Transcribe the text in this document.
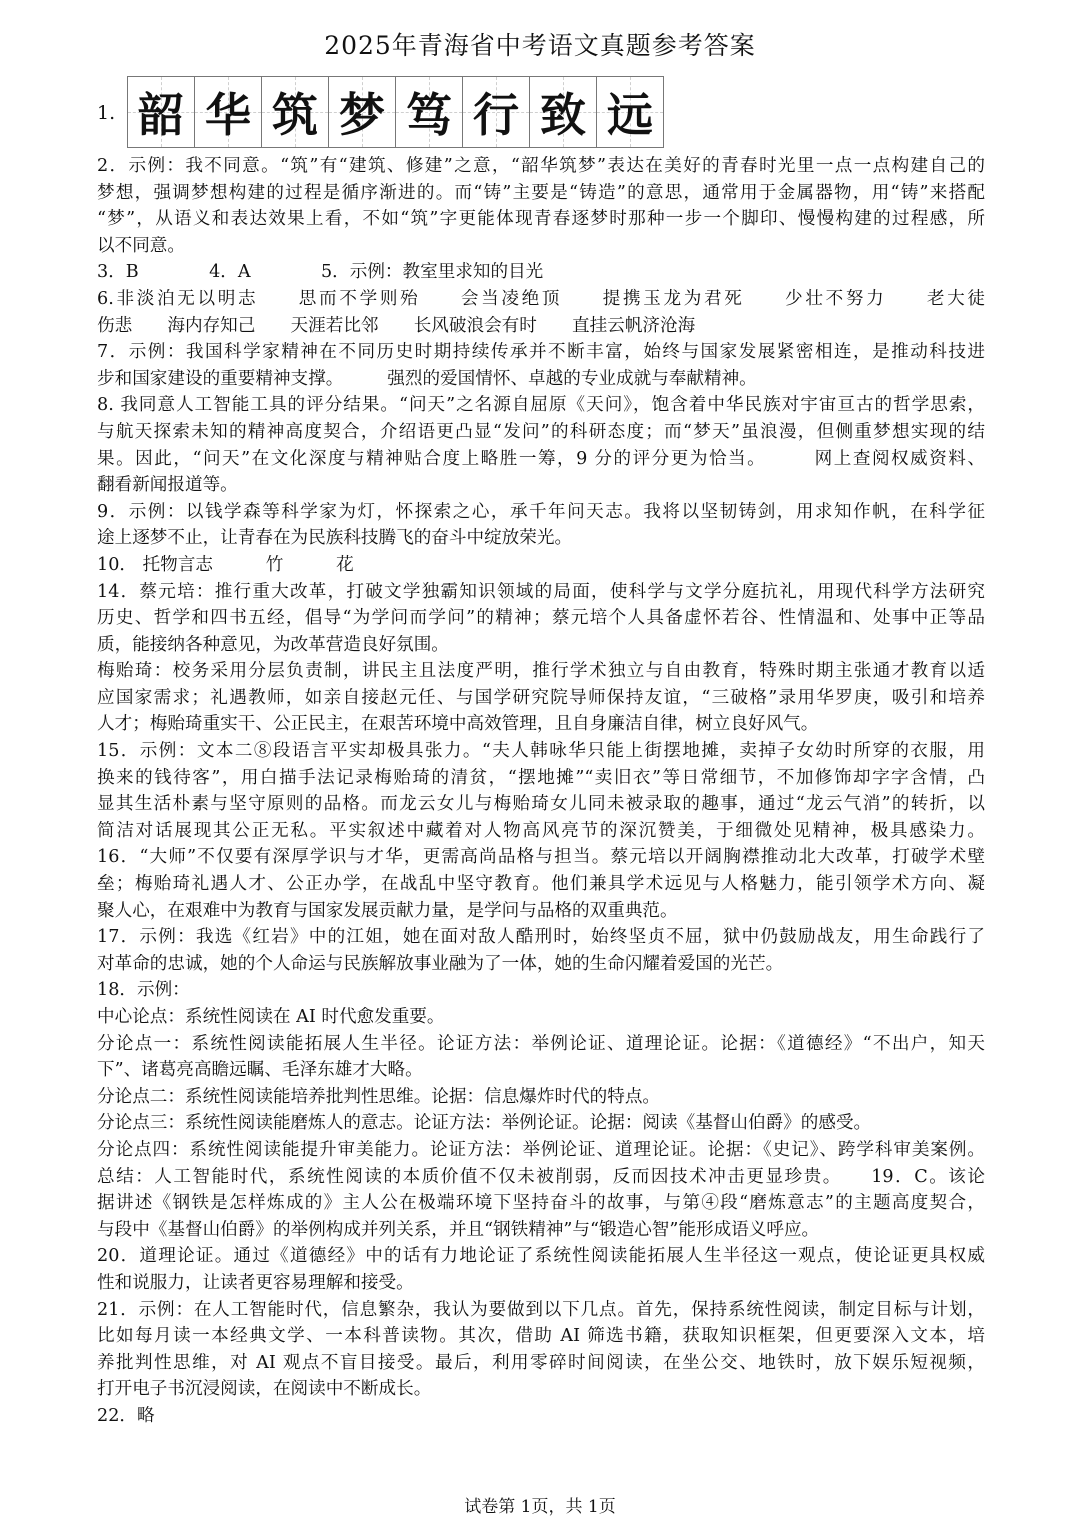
2025年青海省中考语文真题参考答案
1. 韶 华 筑 梦 笃 行 致 远
2．示例：我不同意。“筑”有“建筑、修建”之意，“韶华筑梦”表达在美好的青春时光里一点一点构建自己的
梦想，强调梦想构建的过程是循序渐进的。而“铸”主要是“铸造”的意思，通常用于金属器物，用“铸”来搭配
“梦”，从语义和表达效果上看，不如“筑”字更能体现青春逐梦时那种一步一个脚印、慢慢构建的过程感，所
以不同意。
3．B　　　　4．A　　　　5．示例：教室里求知的目光
6.非淡泊无以明志　　思而不学则殆　　会当凌绝顶　　提携玉龙为君死　　少壮不努力　　老大徒
伤悲　　海内存知己　　天涯若比邻　　长风破浪会有时　　直挂云帆济沧海
7．示例：我国科学家精神在不同历史时期持续传承并不断丰富，始终与国家发展紧密相连，是推动科技进
步和国家建设的重要精神支撑。　　　强烈的爱国情怀、卓越的专业成就与奉献精神。
8. 我同意人工智能工具的评分结果。“问天”之名源自屈原《天问》，饱含着中华民族对宇宙亘古的哲学思索，
与航天探索未知的精神高度契合，介绍语更凸显“发问”的科研态度；而“梦天”虽浪漫，但侧重梦想实现的结
果。因此，“问天”在文化深度与精神贴合度上略胜一筹，9 分的评分更为恰当。　　　网上查阅权威资料、
翻看新闻报道等。
9．示例：以钱学森等科学家为灯，怀探索之心，承千年问天志。我将以坚韧铸剑，用求知作帆，在科学征
途上逐梦不止，让青春在为民族科技腾飞的奋斗中绽放荣光。
10． 托物言志　　　竹　　　花
14．蔡元培：推行重大改革，打破文学独霸知识领域的局面，使科学与文学分庭抗礼，用现代科学方法研究
历史、哲学和四书五经，倡导“为学问而学问”的精神；蔡元培个人具备虚怀若谷、性情温和、处事中正等品
质，能接纳各种意见，为改革营造良好氛围。
梅贻琦：校务采用分层负责制，讲民主且法度严明，推行学术独立与自由教育，特殊时期主张通才教育以适
应国家需求；礼遇教师，如亲自接赵元任、与国学研究院导师保持友谊，“三破格”录用华罗庚，吸引和培养
人才；梅贻琦重实干、公正民主，在艰苦环境中高效管理，且自身廉洁自律，树立良好风气。
15．示例：文本二⑧段语言平实却极具张力。“夫人韩咏华只能上街摆地摊，卖掉子女幼时所穿的衣服，用
换来的钱待客”，用白描手法记录梅贻琦的清贫，“摆地摊”“卖旧衣”等日常细节，不加修饰却字字含情，凸
显其生活朴素与坚守原则的品格。而龙云女儿与梅贻琦女儿同未被录取的趣事，通过“龙云气消”的转折，以
简洁对话展现其公正无私。平实叙述中藏着对人物高风亮节的深沉赞美，于细微处见精神，极具感染力。
16．“大师”不仅要有深厚学识与才华，更需高尚品格与担当。蔡元培以开阔胸襟推动北大改革，打破学术壁
垒；梅贻琦礼遇人才、公正办学，在战乱中坚守教育。他们兼具学术远见与人格魅力，能引领学术方向、凝
聚人心，在艰难中为教育与国家发展贡献力量，是学问与品格的双重典范。
17．示例：我选《红岩》中的江姐，她在面对敌人酷刑时，始终坚贞不屈，狱中仍鼓励战友，用生命践行了
对革命的忠诚，她的个人命运与民族解放事业融为了一体，她的生命闪耀着爱国的光芒。
18．示例：
中心论点：系统性阅读在 AI 时代愈发重要。
分论点一：系统性阅读能拓展人生半径。论证方法：举例论证、道理论证。论据：《道德经》“不出户，知天
下”、诸葛亮高瞻远瞩、毛泽东雄才大略。
分论点二：系统性阅读能培养批判性思维。论据：信息爆炸时代的特点。
分论点三：系统性阅读能磨炼人的意志。论证方法：举例论证。论据：阅读《基督山伯爵》的感受。
分论点四：系统性阅读能提升审美能力。论证方法：举例论证、道理论证。论据：《史记》、跨学科审美案例。
总结：人工智能时代，系统性阅读的本质价值不仅未被削弱，反而因技术冲击更显珍贵。　　19．C。该论
据讲述《钢铁是怎样炼成的》主人公在极端环境下坚持奋斗的故事，与第④段“磨炼意志”的主题高度契合，
与段中《基督山伯爵》的举例构成并列关系，并且“钢铁精神”与“锻造心智”能形成语义呼应。
20．道理论证。通过《道德经》中的话有力地论证了系统性阅读能拓展人生半径这一观点，使论证更具权威
性和说服力，让读者更容易理解和接受。
21．示例：在人工智能时代，信息繁杂，我认为要做到以下几点。首先，保持系统性阅读，制定目标与计划，
比如每月读一本经典文学、一本科普读物。其次，借助 AI 筛选书籍，获取知识框架，但更要深入文本，培
养批判性思维，对 AI 观点不盲目接受。最后，利用零碎时间阅读，在坐公交、地铁时，放下娱乐短视频，
打开电子书沉浸阅读，在阅读中不断成长。
22．略
试卷第 1页，共 1页
